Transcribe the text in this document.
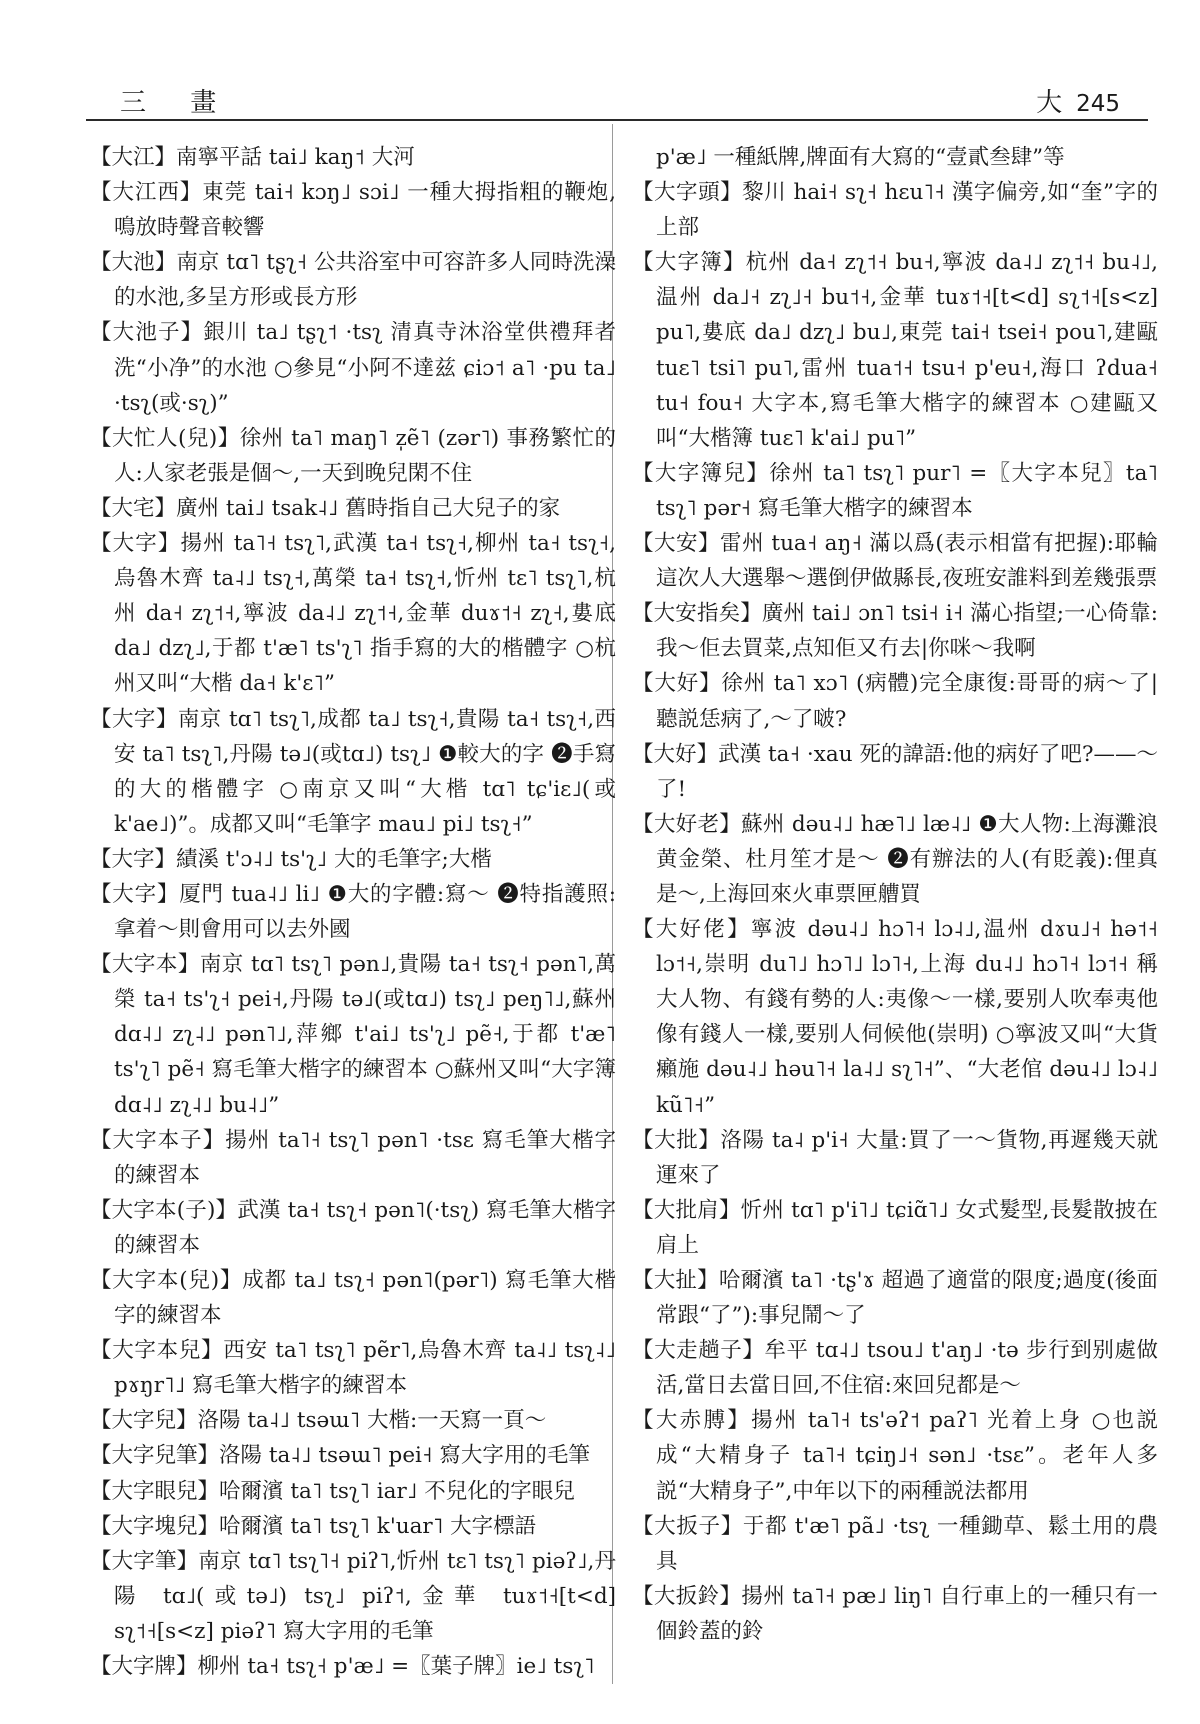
三 畫	大 245

【大江】南寧平話 tai˩ kaŋ˦ 大河

【大江西】東莞 tai˧ kɔŋ˩ sɔi˩ 一種大拇指粗的鞭炮,鳴放時聲音較響

【大池】南京 tɑ˥ tʂʅ˧ 公共浴室中可容許多人同時洗澡的水池,多呈方形或長方形

【大池子】銀川 ta˩ tʂʅ˦ ·tsʅ 清真寺沐浴堂供禮拜者洗“小净”的水池 ○參見“小阿不達兹 ɕiɔ˦ a˥ ·pu ta˩ ·tsʅ(或·sʅ)”

【大忙人(兒)】徐州 ta˥ maŋ˥ z̩ẽ˥ (zər˥) 事務繁忙的人:人家老張是個～,一天到晚兒閑不住

【大宅】廣州 tai˩ tsak˨˩ 舊時指自己大兒子的家

【大字】揚州 ta˥˧ tsʅ˥,武漢 ta˧ tsʅ˧,柳州 ta˧ tsʅ˧,烏魯木齊 ta˨˩ tsʅ˧,萬榮 ta˧ tsʅ˧,忻州 tɛ˥ tsʅ˥,杭州 da˧ zʅ˦˧,寧波 da˨˩ zʅ˦˧,金華 duɤ˦˧ zʅ˧,婁底 da˩ dzʅ˩,于都 t'æ˥ ts'ʅ˥ 指手寫的大的楷體字 ○杭州又叫“大楷 da˧ k'ɛ˥”

【大字】南京 tɑ˥ tsʅ˥,成都 ta˩ tsʅ˧,貴陽 ta˧ tsʅ˧,西安 ta˥ tsʅ˥,丹陽 tə˩(或tɑ˩) tsʅ˩ ❶較大的字 ❷手寫的大的楷體字 ○南京又叫“大楷 tɑ˥ tɕ'iɛ˩(或k'ae˩)”。成都又叫“毛筆字 mau˩ pi˩ tsʅ˧”

【大字】績溪 t'ɔ˨˩ ts'ʅ˩ 大的毛筆字;大楷

【大字】厦門 tua˨˩ li˩ ❶大的字體:寫～ ❷特指護照:拿着～則會用可以去外國

【大字本】南京 tɑ˥ tsʅ˥ pən˩,貴陽 ta˧ tsʅ˧ pən˥,萬榮 ta˧ ts'ʅ˧ pei˧,丹陽 tə˩(或tɑ˩) tsʅ˩ peŋ˥˩,蘇州 dɑ˨˩ zʅ˨˩ pən˥˩,萍鄉 t'ai˩ ts'ʅ˩ pẽ˧,于都 t'æ˥ ts'ʅ˥ pẽ˧ 寫毛筆大楷字的練習本 ○蘇州又叫“大字簿 dɑ˨˩ zʅ˨˩ bu˨˩”

【大字本子】揚州 ta˥˧ tsʅ˥ pən˥ ·tsɛ 寫毛筆大楷字的練習本

【大字本(子)】武漢 ta˧ tsʅ˧ pən˥(·tsʅ) 寫毛筆大楷字的練習本

【大字本(兒)】成都 ta˩ tsʅ˧ pən˥(pər˥) 寫毛筆大楷字的練習本

【大字本兒】西安 ta˥ tsʅ˥ pẽr˥,烏魯木齊 ta˨˩ tsʅ˨˩ pɤŋr˥˩ 寫毛筆大楷字的練習本

【大字兒】洛陽 ta˨˩ tsəɯ˥ 大楷:一天寫一頁～

【大字兒筆】洛陽 ta˨˩ tsəɯ˥ pei˧ 寫大字用的毛筆

【大字眼兒】哈爾濱 ta˥ tsʅ˥ iar˩ 不兒化的字眼兒

【大字塊兒】哈爾濱 ta˥ tsʅ˥ k'uar˥ 大字標語

【大字筆】南京 tɑ˥ tsʅ˥˧ piʔ˥,忻州 tɛ˥ tsʅ˥ piəʔ˩,丹陽 tɑ˩(或tə˩) tsʅ˩ piʔ˦,金華 tuɤ˦˧[t<d] sʅ˦˧[s<z] piəʔ˥ 寫大字用的毛筆

【大字牌】柳州 ta˧ tsʅ˧ p'æ˩ =〖葉子牌〗ie˩ tsʅ˥

p'æ˩ 一種紙牌,牌面有大寫的“壹貳叁肆”等

【大字頭】黎川 hai˧ sʅ˧ hɛu˥˧ 漢字偏旁,如“奎”字的上部

【大字簿】杭州 da˧ zʅ˦˧ bu˧,寧波 da˨˩ zʅ˦˧ bu˨˩,温州 da˩˧ zʅ˩˧ bu˦˧,金華 tuɤ˦˧[t<d] sʅ˦˧[s<z] pu˥,婁底 da˩ dzʅ˩ bu˩,東莞 tai˧ tsei˧ pou˥,建甌 tuɛ˥ tsi˥ pu˥,雷州 tua˦˧ tsu˧ p'eu˧,海口 ʔdua˧ tu˧ fou˧ 大字本,寫毛筆大楷字的練習本 ○建甌又叫“大楷簿 tuɛ˥ k'ai˩ pu˥”

【大字簿兒】徐州 ta˥ tsʅ˥ pur˥ =〖大字本兒〗ta˥ tsʅ˥ pər˧ 寫毛筆大楷字的練習本

【大安】雷州 tua˧ aŋ˧ 滿以爲(表示相當有把握):耶輪這次人大選舉～選倒伊做縣長,夜班安誰料到差幾張票

【大安指矣】廣州 tai˩ ɔn˥ tsi˧ i˧ 滿心指望;一心倚靠:我～佢去買菜,点知佢又冇去|你咪～我啊

【大好】徐州 ta˥ xɔ˥ (病體)完全康復:哥哥的病～了|聽説恁病了,～了啵?

【大好】武漢 ta˧ ·xau 死的諱語:他的病好了吧?——～了!

【大好老】蘇州 dəu˨˩ hæ˥˩ læ˨˩ ❶大人物:上海灘浪黄金榮、杜月笙才是～ ❷有辦法的人(有貶義):俚真是～,上海回來火車票匣艚買

【大好佬】寧波 dəu˨˩ hɔ˥˧ lɔ˨˩,温州 dɤu˩˧ hə˦˧ lɔ˦˧,崇明 du˥˩ hɔ˥˩ lɔ˥˧,上海 du˨˩ hɔ˥˧ lɔ˦˧ 稱大人物、有錢有勢的人:夷像～一樣,要别人吹奉夷他像有錢人一樣,要别人伺候他(崇明) ○寧波又叫“大貨癩施 dəu˨˩ həu˥˧ la˨˩ sʅ˥˧”、“大老倌 dəu˨˩ lɔ˨˩ kũ˥˧”

【大批】洛陽 ta˨ p'i˧ 大量:買了一～貨物,再遲幾天就運來了

【大批肩】忻州 tɑ˥ p'i˥˩ tɕiɑ̃˥˩ 女式髮型,長髮散披在肩上

【大扯】哈爾濱 ta˥ ·tʂ'ɤ 超過了適當的限度;過度(後面常跟“了”):事兒鬧～了

【大走趟子】牟平 tɑ˨˩ tsou˩ t'aŋ˩ ·tə 步行到别處做活,當日去當日回,不住宿:來回兒都是～

【大赤膊】揚州 ta˥˧ ts'əʔ˦ paʔ˥ 光着上身 ○也説成“大精身子 ta˥˧ tɕiŋ˩˧ sən˩ ·tsɛ”。老年人多説“大精身子”,中年以下的兩種説法都用

【大扳子】于都 t'æ˥ pã˩ ·tsʅ 一種鋤草、鬆土用的農具

【大扳鈴】揚州 ta˥˧ pæ˩ liŋ˥ 自行車上的一種只有一個鈴蓋的鈴
